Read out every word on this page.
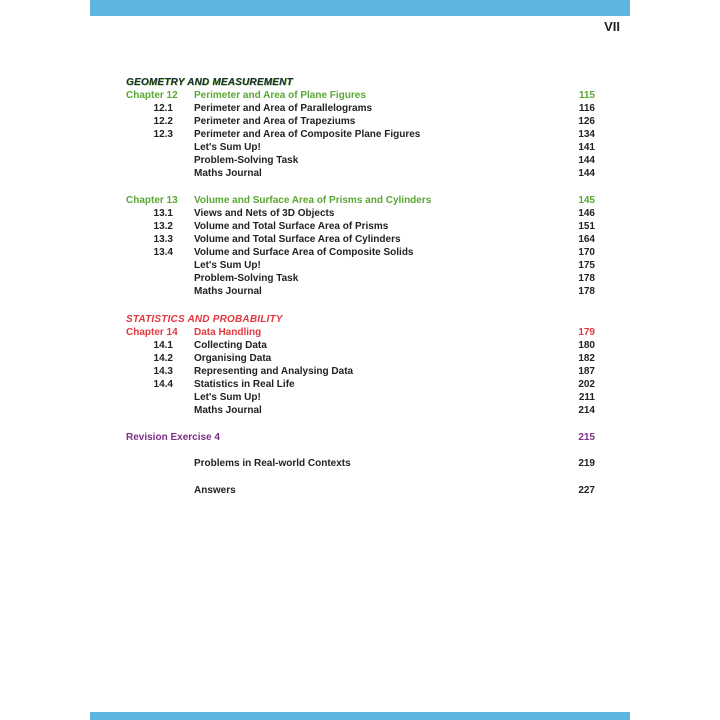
VII
GEOMETRY AND MEASUREMENT
Chapter 12 Perimeter and Area of Plane Figures	115
12.1 Perimeter and Area of Parallelograms	116
12.2 Perimeter and Area of Trapeziums	126
12.3 Perimeter and Area of Composite Plane Figures	134
Let's Sum Up!	141
Problem-Solving Task	144
Maths Journal	144
Chapter 13 Volume and Surface Area of Prisms and Cylinders	145
13.1 Views and Nets of 3D Objects	146
13.2 Volume and Total Surface Area of Prisms	151
13.3 Volume and Total Surface Area of Cylinders	164
13.4 Volume and Surface Area of Composite Solids	170
Let's Sum Up!	175
Problem-Solving Task	178
Maths Journal	178
STATISTICS AND PROBABILITY
Chapter 14 Data Handling	179
14.1 Collecting Data	180
14.2 Organising Data	182
14.3 Representing and Analysing Data	187
14.4 Statistics in Real Life	202
Let's Sum Up!	211
Maths Journal	214
Revision Exercise 4	215
Problems in Real-world Contexts	219
Answers	227
